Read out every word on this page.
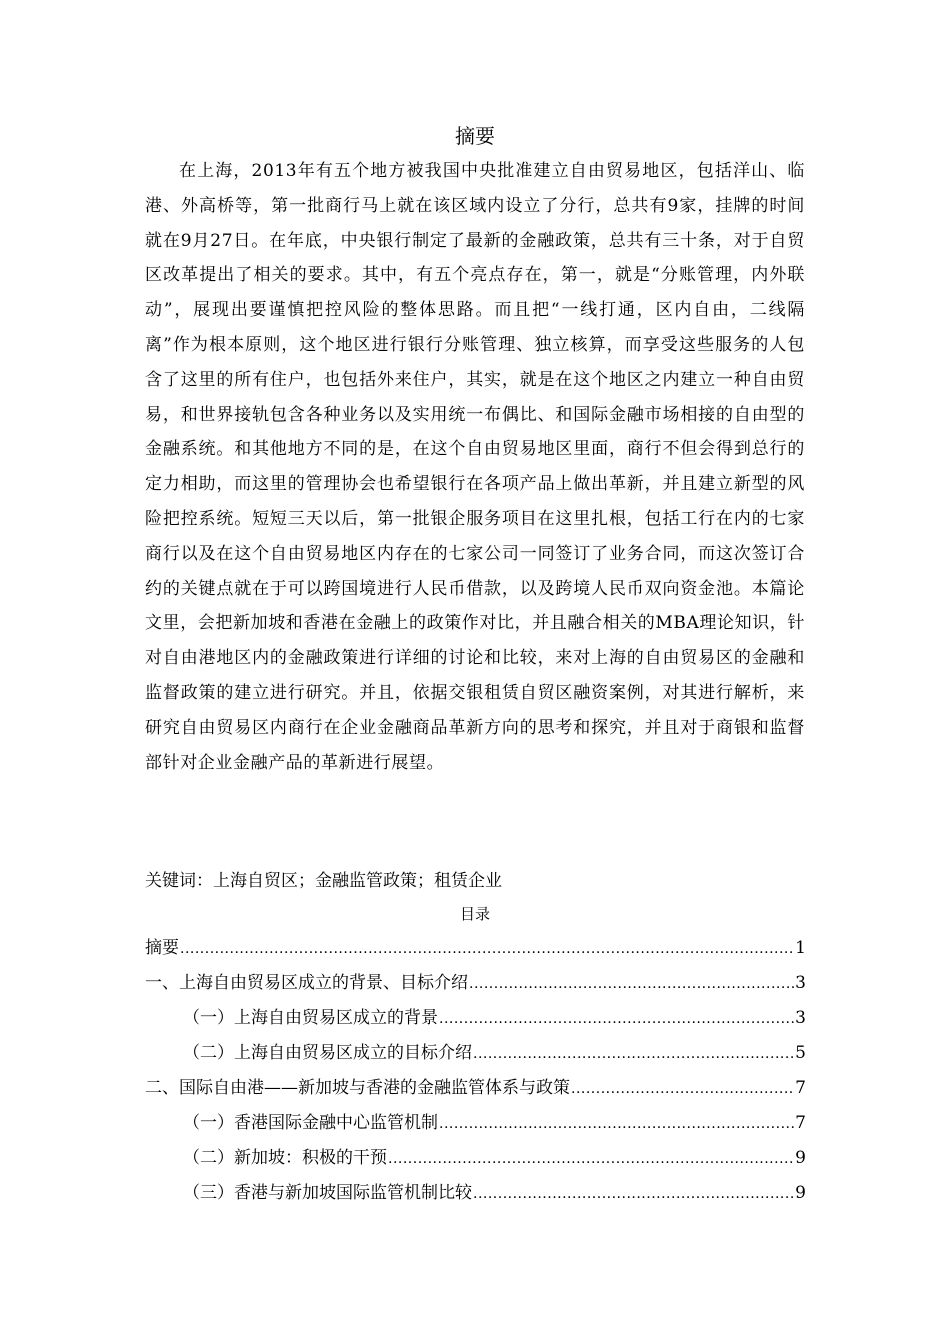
摘要

在上海，2013年有五个地方被我国中央批准建立自由贸易地区，包括洋山、临港、外高桥等，第一批商行马上就在该区域内设立了分行，总共有9家，挂牌的时间就在9月27日。在年底，中央银行制定了最新的金融政策，总共有三十条，对于自贸区改革提出了相关的要求。其中，有五个亮点存在，第一，就是“分账管理，内外联动”，展现出要谨慎把控风险的整体思路。而且把“一线打通，区内自由，二线隔离”作为根本原则，这个地区进行银行分账管理、独立核算，而享受这些服务的人包含了这里的所有住户，也包括外来住户，其实，就是在这个地区之内建立一种自由贸易，和世界接轨包含各种业务以及实用统一布偶比、和国际金融市场相接的自由型的金融系统。和其他地方不同的是，在这个自由贸易地区里面，商行不但会得到总行的定力相助，而这里的管理协会也希望银行在各项产品上做出革新，并且建立新型的风险把控系统。短短三天以后，第一批银企服务项目在这里扎根，包括工行在内的七家商行以及在这个自由贸易地区内存在的七家公司一同签订了业务合同，而这次签订合约的关键点就在于可以跨国境进行人民币借款，以及跨境人民币双向资金池。本篇论文里，会把新加坡和香港在金融上的政策作对比，并且融合相关的MBA理论知识，针对自由港地区内的金融政策进行详细的讨论和比较，来对上海的自由贸易区的金融和监督政策的建立进行研究。并且，依据交银租赁自贸区融资案例，对其进行解析，来研究自由贸易区内商行在企业金融商品革新方向的思考和探究，并且对于商银和监督部针对企业金融产品的革新进行展望。

关键词：上海自贸区；金融监管政策；租赁企业

目录
摘要 .....	1
一、上海自由贸易区成立的背景、目标介绍 .....	3
（一）上海自由贸易区成立的背景 .....	3
（二）上海自由贸易区成立的目标介绍 .....	5
二、国际自由港——新加坡与香港的金融监管体系与政策 .....	7
（一）香港国际金融中心监管机制 .....	7
（二）新加坡：积极的干预 .....	9
（三）香港与新加坡国际监管机制比较 .....	9
